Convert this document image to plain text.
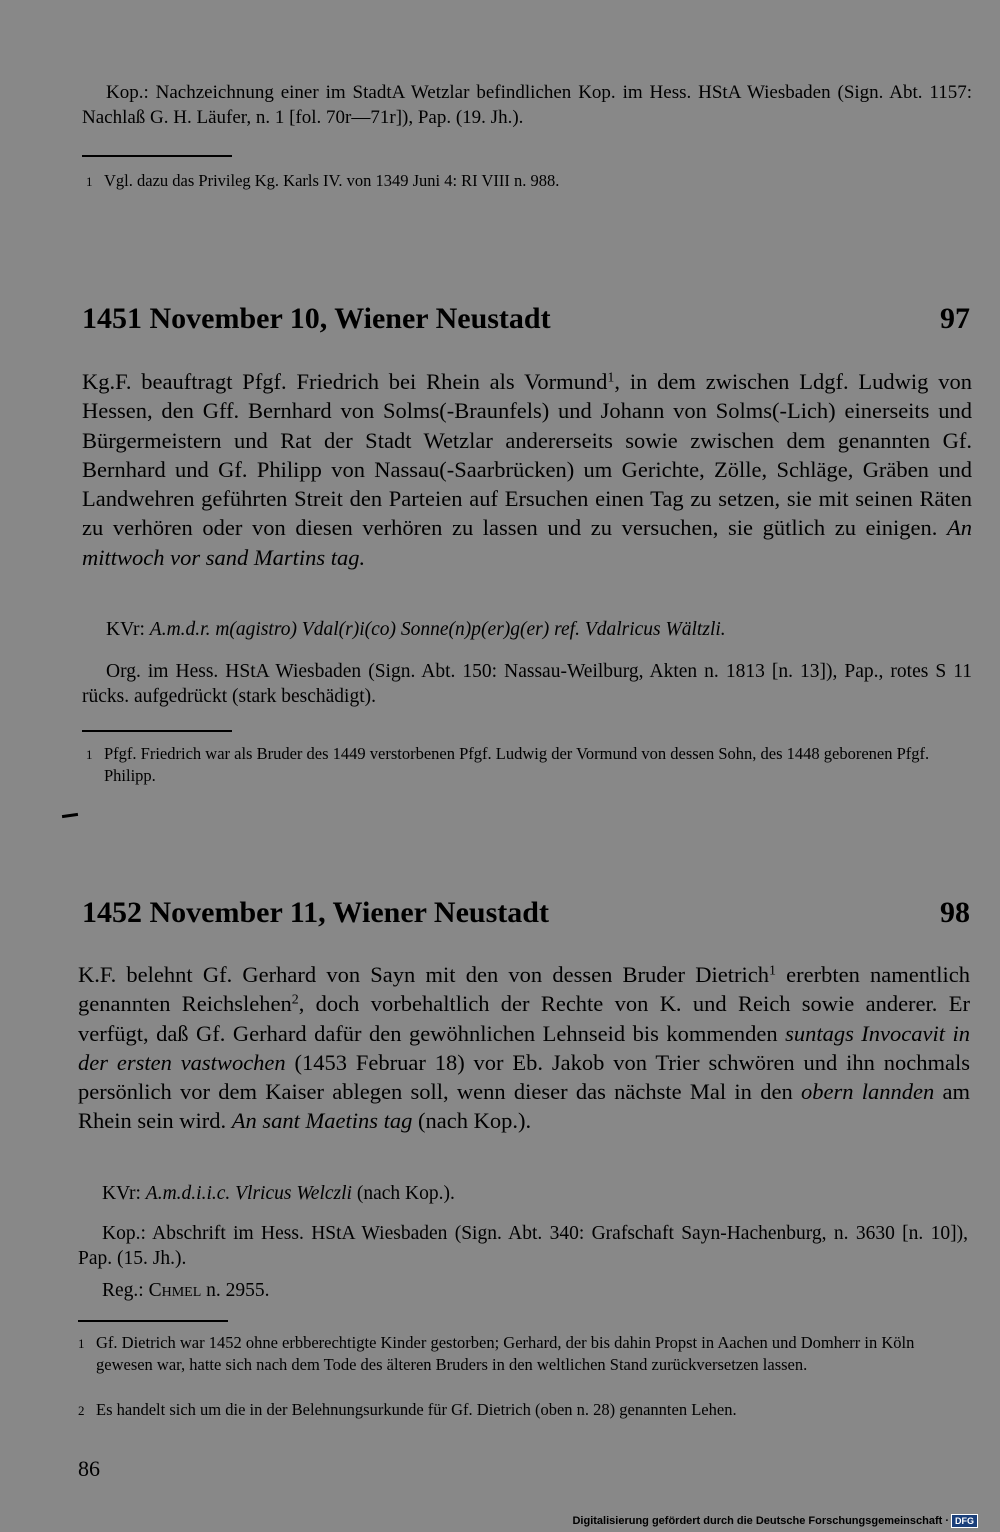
Kop.: Nachzeichnung einer im StadtA Wetzlar befindlichen Kop. im Hess. HStA Wiesbaden (Sign. Abt. 1157: Nachlaß G. H. Läufer, n. 1 [fol. 70r—71r]), Pap. (19. Jh.).

1 Vgl. dazu das Privileg Kg. Karls IV. von 1349 Juni 4: RI VIII n. 988.
1451 November 10, Wiener Neustadt	97

Kg.F. beauftragt Pfgf. Friedrich bei Rhein als Vormund$^1$, in dem zwischen Ldgf. Ludwig von Hessen, den Gff. Bernhard von Solms(-Braunfels) und Johann von Solms(-Lich) einerseits und Bürgermeistern und Rat der Stadt Wetzlar andererseits sowie zwischen dem genannten Gf. Bernhard und Gf. Philipp von Nassau(-Saarbrücken) um Gerichte, Zölle, Schläge, Gräben und Landwehren geführten Streit den Parteien auf Ersuchen einen Tag zu setzen, sie mit seinen Räten zu verhören oder von diesen verhören zu lassen und zu versuchen, sie gütlich zu einigen. An mittwoch vor sand Martins tag.

KVr: A.m.d.r. m(agistro) Vdal(r)i(co) Sonne(n)p(er)g(er) ref. Vdalricus Wältzli.

Org. im Hess. HStA Wiesbaden (Sign. Abt. 150: Nassau-Weilburg, Akten n. 1813 [n. 13]), Pap., rotes S 11 rücks. aufgedrückt (stark beschädigt).

1 Pfgf. Friedrich war als Bruder des 1449 verstorbenen Pfgf. Ludwig der Vormund von dessen Sohn, des 1448 geborenen Pfgf. Philipp.
1452 November 11, Wiener Neustadt	98

K.F. belehnt Gf. Gerhard von Sayn mit den von dessen Bruder Dietrich$^1$ ererbten namentlich genannten Reichslehen$^2$, doch vorbehaltlich der Rechte von K. und Reich sowie anderer. Er verfügt, daß Gf. Gerhard dafür den gewöhnlichen Lehnseid bis kommenden suntags Invocavit in der ersten vastwochen (1453 Februar 18) vor Eb. Jakob von Trier schwören und ihn nochmals persönlich vor dem Kaiser ablegen soll, wenn dieser das nächste Mal in den obern lannden am Rhein sein wird. An sant Maetins tag (nach Kop.).

KVr: A.m.d.i.i.c. Vlricus Welczli (nach Kop.).

Kop.: Abschrift im Hess. HStA Wiesbaden (Sign. Abt. 340: Grafschaft Sayn-Hachenburg, n. 3630 [n. 10]), Pap. (15. Jh.).

Reg.: Chmel n. 2955.

1 Gf. Dietrich war 1452 ohne erbberechtigte Kinder gestorben; Gerhard, der bis dahin Propst in Aachen und Domherr in Köln gewesen war, hatte sich nach dem Tode des älteren Bruders in den weltlichen Stand zurückversetzen lassen.
2 Es handelt sich um die in der Belehnungsurkunde für Gf. Dietrich (oben n. 28) genannten Lehen.
86
Digitalisierung gefördert durch die Deutsche Forschungsgemeinschaft · DFG
